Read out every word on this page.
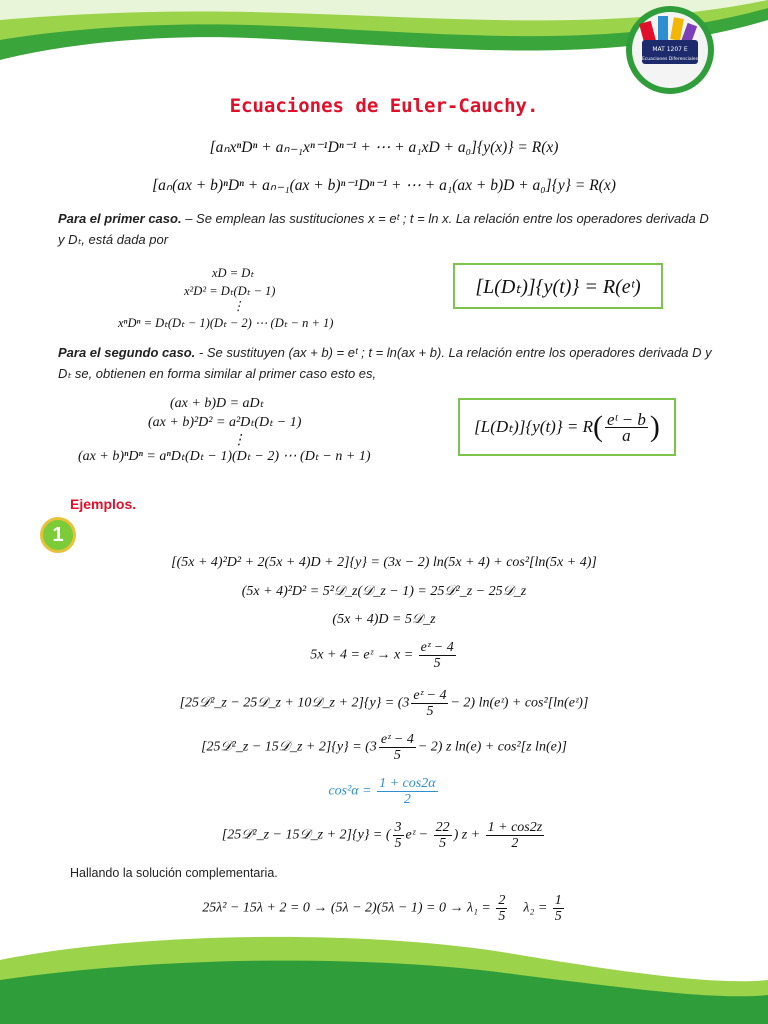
MAT 1207 E
Ecuaciones Diferenciales
Ecuaciones de Euler-Cauchy.
[aₙxⁿDⁿ + aₙ₋₁xⁿ⁻¹Dⁿ⁻¹ + ⋯ + a₁xD + a₀]{y(x)} = R(x)
[aₙ(ax + b)ⁿDⁿ + aₙ₋₁(ax + b)ⁿ⁻¹Dⁿ⁻¹ + ⋯ + a₁(ax + b)D + a₀]{y} = R(x)
Para el primer caso. – Se emplean las sustituciones x = eᵗ ; t = ln x. La relación entre los operadores derivada D y Dₜ, está dada por
xD = Dₜ
x²D² = Dₜ(Dₜ − 1)
⋮
xⁿDⁿ = Dₜ(Dₜ − 1)(Dₜ − 2) ⋯ (Dₜ − n + 1)
[L(Dₜ)]{y(t)} = R(eᵗ)
Para el segundo caso. - Se sustituyen (ax + b) = eᵗ ; t = ln(ax + b). La relación entre los operadores derivada D y Dₜ se, obtienen en forma similar al primer caso esto es,
(ax + b)D = aDₜ
(ax + b)²D² = a²Dₜ(Dₜ − 1)
⋮
(ax + b)ⁿDⁿ = aⁿDₜ(Dₜ − 1)(Dₜ − 2) ⋯ (Dₜ − n + 1)
[L(Dₜ)]{y(t)} = R ( $\frac{\text{eᵗ − b}}{a}$ )
Ejemplos.
1
[(5x + 4)²D² + 2(5x + 4)D + 2]{y} = (3x − 2) ln(5x + 4) + cos²[ln(5x + 4)]
(5x + 4)²D² = 5²𝒟_z(𝒟_z − 1) = 25𝒟²_z − 25𝒟_z
(5x + 4)D = 5𝒟_z
5x + 4 = eᶻ → $x = \frac{\text{eᶻ − 4}}{5}$
[25𝒟²_z − 25𝒟_z + 10𝒟_z + $2]\{y\} = (3 \frac{\text{eᶻ − 4}}{5} - 2)$ ln(eᶻ) + cos²[ln(eᶻ)]
[25𝒟²_z − 15𝒟_z + $2]\{y\} = (3 \frac{\text{eᶻ − 4}}{5} - 2)$ z ln(e) + cos²[z ln(e)]
$\cos^2\alpha = \frac{1 + \cos 2\alpha}{2}$
[25𝒟²_z − 15𝒟_z + 2]{y} = ( $\frac{3}{5}$ eᶻ − $\frac{22}{5}$ ) $z + \frac{1 + \cos 2z}{2}$
Hallando la solución complementaria.
$25\lambda^2 - 15\lambda + 2 = 0 \to (5\lambda - 2)(5\lambda - 1) = 0 \to \lambda_1 = \frac{2}{5} \lambda_2 = \frac{1}{5}$
